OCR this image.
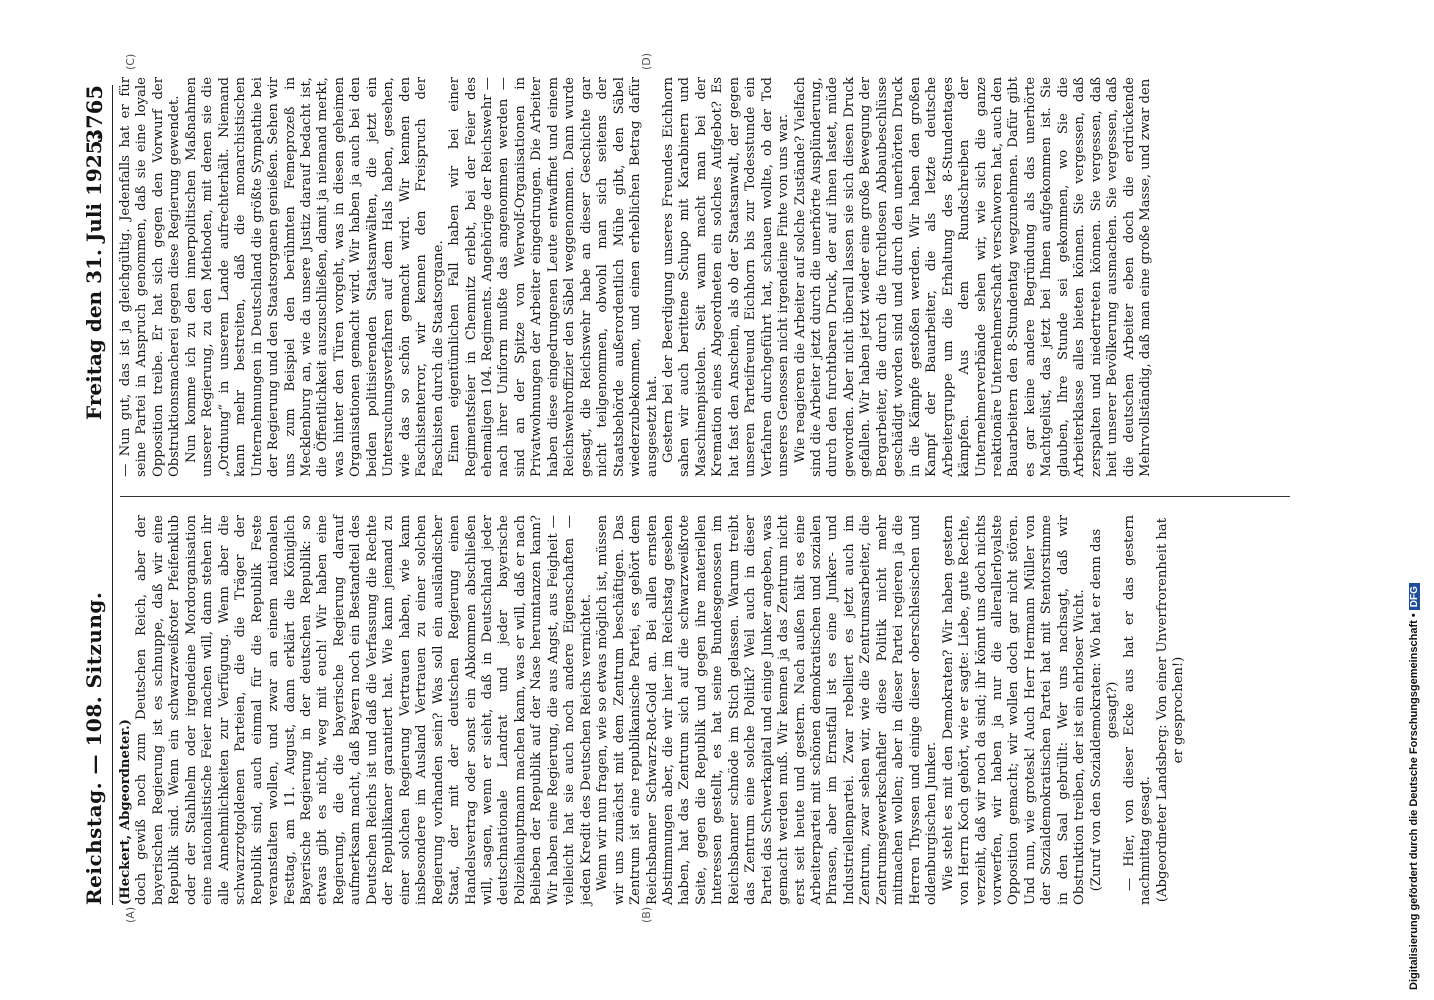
Reichstag. — 108. Sitzung.
Freitag den 31. Juli 1925.
3765
(A)	(B)
(C)	(D)

(Heckert, Abgeordneter.) doch gewiß noch zum Deutschen Reich, aber der bayerischen Regierung ist es schnuppe, daß wir eine Republik sind. Wenn ein schwarzweißroter Pfeifenklub oder der Stahlhelm oder irgendeine Mordorganisation eine nationalistische Feier machen will, dann stehen ihr alle Annehmlichkeiten zur Verfügung. Wenn aber die schwarzrotgoldenen Parteien, die die Träger der Republik sind, auch einmal für die Republik Feste veranstalten wollen, und zwar an einem nationalen Festtag, am 11. August, dann erklärt die Königlich Bayerische Regierung in der deutschen Republik: so etwas gibt es nicht, weg mit euch! Wir haben eine Regierung, die die bayerische Regierung darauf aufmerksam macht, daß Bayern noch ein Bestandteil des Deutschen Reichs ist und daß die Verfassung die Rechte der Republikaner garantiert hat. Wie kann jemand zu einer solchen Regierung Vertrauen haben, wie kann insbesondere im Ausland Vertrauen zu einer solchen Regierung vorhanden sein? Was soll ein ausländischer Staat, der mit der deutschen Regierung einen Handelsvertrag oder sonst ein Abkommen abschließen will, sagen, wenn er sieht, daß in Deutschland jeder deutschnationale Landrat und jeder bayerische Polizeihauptmann machen kann, was er will, daß er nach Belieben der Republik auf der Nase herumtanzen kann? Wir haben eine Regierung, die aus Angst, aus Feigheit — vielleicht hat sie auch noch andere Eigenschaften — jeden Kredit des Deutschen Reichs vernichtet. Wenn wir nun fragen, wie so etwas möglich ist, müssen wir uns zunächst mit dem Zentrum beschäftigen. Das Zentrum ist eine republikanische Partei, es gehört dem Reichsbanner Schwarz-Rot-Gold an. Bei allen ernsten Abstimmungen aber, die wir hier im Reichstag gesehen haben, hat das Zentrum sich auf die schwarzweißrote Seite, gegen die Republik und gegen ihre materiellen Interessen gestellt, es hat seine Bundesgenossen im Reichsbanner schnöde im Stich gelassen. Warum treibt das Zentrum eine solche Politik? Weil auch in dieser Partei das Schwerkapital und einige Junker angeben, was gemacht werden muß. Wir kennen ja das Zentrum nicht erst seit heute und gestern. Nach außen hält es eine Arbeiterpartei mit schönen demokratischen und sozialen Phrasen, aber im Ernstfall ist es eine Junker- und Industriellenpartei. Zwar rebelliert es jetzt auch im Zentrum, zwar sehen wir, wie die Zentrumsarbeiter, die Zentrumsgewerkschaftler diese Politik nicht mehr mitmachen wollen; aber in dieser Partei regieren ja die Herren Thyssen und einige dieser oberschlesischen und oldenburgischen Junker. Wie steht es mit den Demokraten? Wir haben gestern von Herrn Koch gehört, wie er sagte: Liebe, gute Rechte, verzeiht, daß wir noch da sind; ihr könnt uns doch nichts vorwerfen, wir haben ja nur die allerallerloyalste Opposition gemacht; wir wollen doch gar nicht stören. Und nun, wie grotesk! Auch Herr Hermann Müller von der Sozialdemokratischen Partei hat mit Stentorstimme in den Saal gebrüllt: Wer uns nachsagt, daß wir Obstruktion treiben, der ist ein ehrloser Wicht. (Zuruf von den Sozialdemokraten: Wo hat er denn das gesagt?) — Hier, von dieser Ecke aus hat er das gestern nachmittag gesagt. (Abgeordneter Landsberg: Von einer Unverfrorenheit hat er gesprochen!)

— Nun gut, das ist ja gleichgültig. Jedenfalls hat er für seine Partei in Anspruch genommen, daß sie eine loyale Opposition treibe. Er hat sich gegen den Vorwurf der Obstruktionsmacherei gegen diese Regierung gewendet. Nun komme ich zu den innerpolitischen Maßnahmen unserer Regierung, zu den Methoden, mit denen sie die „Ordnung“ in unserem Lande aufrechterhält. Niemand kann mehr bestreiten, daß die monarchistischen Unternehmungen in Deutschland die größte Sympathie bei der Regierung und den Staatsorganen genießen. Sehen wir uns zum Beispiel den berühmten Femeprozeß in Mecklenburg an, wie da unsere Justiz darauf bedacht ist, die Öffentlichkeit auszuschließen, damit ja niemand merkt, was hinter den Türen vorgeht, was in diesen geheimen Organisationen gemacht wird. Wir haben ja auch bei den beiden politisierenden Staatsanwälten, die jetzt ein Untersuchungsverfahren auf dem Hals haben, gesehen, wie das so schön gemacht wird. Wir kennen den Faschistenterror, wir kennen den Freispruch der Faschisten durch die Staatsorgane. Einen eigentümlichen Fall haben wir bei einer Regimentsfeier in Chemnitz erlebt, bei der Feier des ehemaligen 104. Regiments. Angehörige der Reichswehr — nach ihrer Uniform mußte das angenommen werden — sind an der Spitze von Werwolf-Organisationen in Privatwohnungen der Arbeiter eingedrungen. Die Arbeiter haben diese eingedrungenen Leute entwaffnet und einem Reichswehroffizier den Säbel weggenommen. Dann wurde gesagt, die Reichswehr habe an dieser Geschichte gar nicht teilgenommen, obwohl man sich seitens der Staatsbehörde außerordentlich Mühe gibt, den Säbel wiederzubekommen, und einen erheblichen Betrag dafür ausgesetzt hat. Gestern bei der Beerdigung unseres Freundes Eichhorn sahen wir auch berittene Schupo mit Karabinern und Maschinenpistolen. Seit wann macht man bei der Kremation eines Abgeordneten ein solches Aufgebot? Es hat fast den Anschein, als ob der Staatsanwalt, der gegen unseren Parteifreund Eichhorn bis zur Todesstunde ein Verfahren durchgeführt hat, schauen wollte, ob der Tod unseres Genossen nicht irgendeine Finte von uns war. Wie reagieren die Arbeiter auf solche Zustände? Vielfach sind die Arbeiter jetzt durch die unerhörte Ausplünderung, durch den furchtbaren Druck, der auf ihnen lastet, müde geworden. Aber nicht überall lassen sie sich diesen Druck gefallen. Wir haben jetzt wieder eine große Bewegung der Bergarbeiter, die durch die furchtlosen Abbaubeschlüsse geschädigt worden sind und durch den unerhörten Druck in die Kämpfe gestoßen werden. Wir haben den großen Kampf der Bauarbeiter, die als letzte deutsche Arbeitergruppe um die Erhaltung des 8-Stundentages kämpfen. Aus dem Rundschreiben der Unternehmerverbände sehen wir, wie sich die ganze reaktionäre Unternehmerschaft verschworen hat, auch den Bauarbeitern den 8-Stundentag wegzunehmen. Dafür gibt es gar keine andere Begründung als das unerhörte Machtgelüst, das jetzt bei Ihnen aufgekommen ist. Sie glauben, Ihre Stunde sei gekommen, wo Sie die Arbeiterklasse alles bieten können. Sie vergessen, daß zerspalten und niedertreten können. Sie vergessen, daß heit unserer Bevölkerung ausmachen. Sie vergessen, daß die deutschen Arbeiter eben doch die erdrückende Mehrvollständig, daß man eine große Masse, und zwar den

Digitalisierung gefördert durch die Deutsche Forschungsgemeinschaft • DFG
